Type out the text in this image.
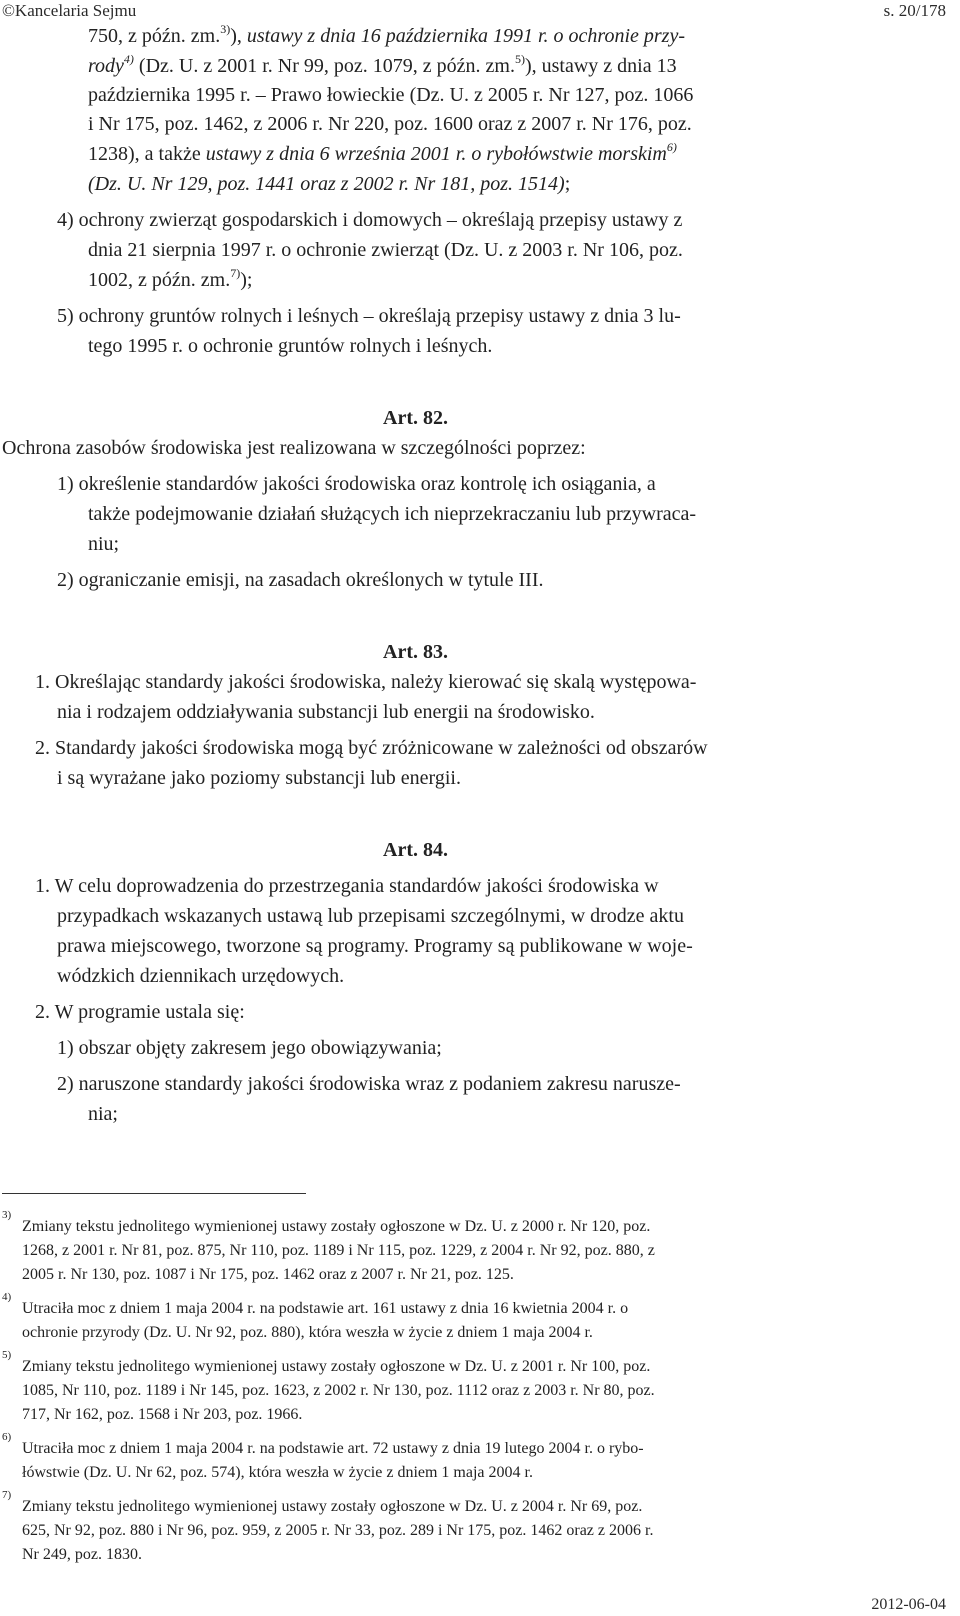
©Kancelaria Sejmu	s. 20/178
750, z późn. zm.$^{3)}$), ustawy z dnia 16 października 1991 r. o ochronie przy-
rody$^{4)}$ (Dz. U. z 2001 r. Nr 99, poz. 1079, z późn. zm.$^{5)}$), ustawy z dnia 13
października 1995 r. – Prawo łowieckie (Dz. U. z 2005 r. Nr 127, poz. 1066
i Nr 175, poz. 1462, z 2006 r. Nr 220, poz. 1600 oraz z 2007 r. Nr 176, poz.
1238), a także ustawy z dnia 6 września 2001 r. o rybołówstwie morskim$^{6)}$
(Dz. U. Nr 129, poz. 1441 oraz z 2002 r. Nr 181, poz. 1514);
4) ochrony zwierząt gospodarskich i domowych – określają przepisy ustawy z
dnia 21 sierpnia 1997 r. o ochronie zwierząt (Dz. U. z 2003 r. Nr 106, poz.
1002, z późn. zm.$^{7)}$);
5) ochrony gruntów rolnych i leśnych – określają przepisy ustawy z dnia 3 lu-
tego 1995 r. o ochronie gruntów rolnych i leśnych.
Art. 82.
Ochrona zasobów środowiska jest realizowana w szczególności poprzez:
1) określenie standardów jakości środowiska oraz kontrolę ich osiągania, a
także podejmowanie działań służących ich nieprzekraczaniu lub przywraca-
niu;
2) ograniczanie emisji, na zasadach określonych w tytule III.
Art. 83.
1. Określając standardy jakości środowiska, należy kierować się skalą występowa-
nia i rodzajem oddziaływania substancji lub energii na środowisko.
2. Standardy jakości środowiska mogą być zróżnicowane w zależności od obszarów
i są wyrażane jako poziomy substancji lub energii.
Art. 84.
1. W celu doprowadzenia do przestrzegania standardów jakości środowiska w
przypadkach wskazanych ustawą lub przepisami szczególnymi, w drodze aktu
prawa miejscowego, tworzone są programy. Programy są publikowane w woje-
wódzkich dziennikach urzędowych.
2. W programie ustala się:
1) obszar objęty zakresem jego obowiązywania;
2) naruszone standardy jakości środowiska wraz z podaniem zakresu narusze-
nia;
3)
Zmiany tekstu jednolitego wymienionej ustawy zostały ogłoszone w Dz. U. z 2000 r. Nr 120, poz.
1268, z 2001 r. Nr 81, poz. 875, Nr 110, poz. 1189 i Nr 115, poz. 1229, z 2004 r. Nr 92, poz. 880, z
2005 r. Nr 130, poz. 1087 i Nr 175, poz. 1462 oraz z 2007 r. Nr 21, poz. 125.
4)
Utraciła moc z dniem 1 maja 2004 r. na podstawie art. 161 ustawy z dnia 16 kwietnia 2004 r. o
ochronie przyrody (Dz. U. Nr 92, poz. 880), która weszła w życie z dniem 1 maja 2004 r.
5)
Zmiany tekstu jednolitego wymienionej ustawy zostały ogłoszone w Dz. U. z 2001 r. Nr 100, poz.
1085, Nr 110, poz. 1189 i Nr 145, poz. 1623, z 2002 r. Nr 130, poz. 1112 oraz z 2003 r. Nr 80, poz.
717, Nr 162, poz. 1568 i Nr 203, poz. 1966.
6)
Utraciła moc z dniem 1 maja 2004 r. na podstawie art. 72 ustawy z dnia 19 lutego 2004 r. o rybo-
łówstwie (Dz. U. Nr 62, poz. 574), która weszła w życie z dniem 1 maja 2004 r.
7)
Zmiany tekstu jednolitego wymienionej ustawy zostały ogłoszone w Dz. U. z 2004 r. Nr 69, poz.
625, Nr 92, poz. 880 i Nr 96, poz. 959, z 2005 r. Nr 33, poz. 289 i Nr 175, poz. 1462 oraz z 2006 r.
Nr 249, poz. 1830.
2012-06-04
